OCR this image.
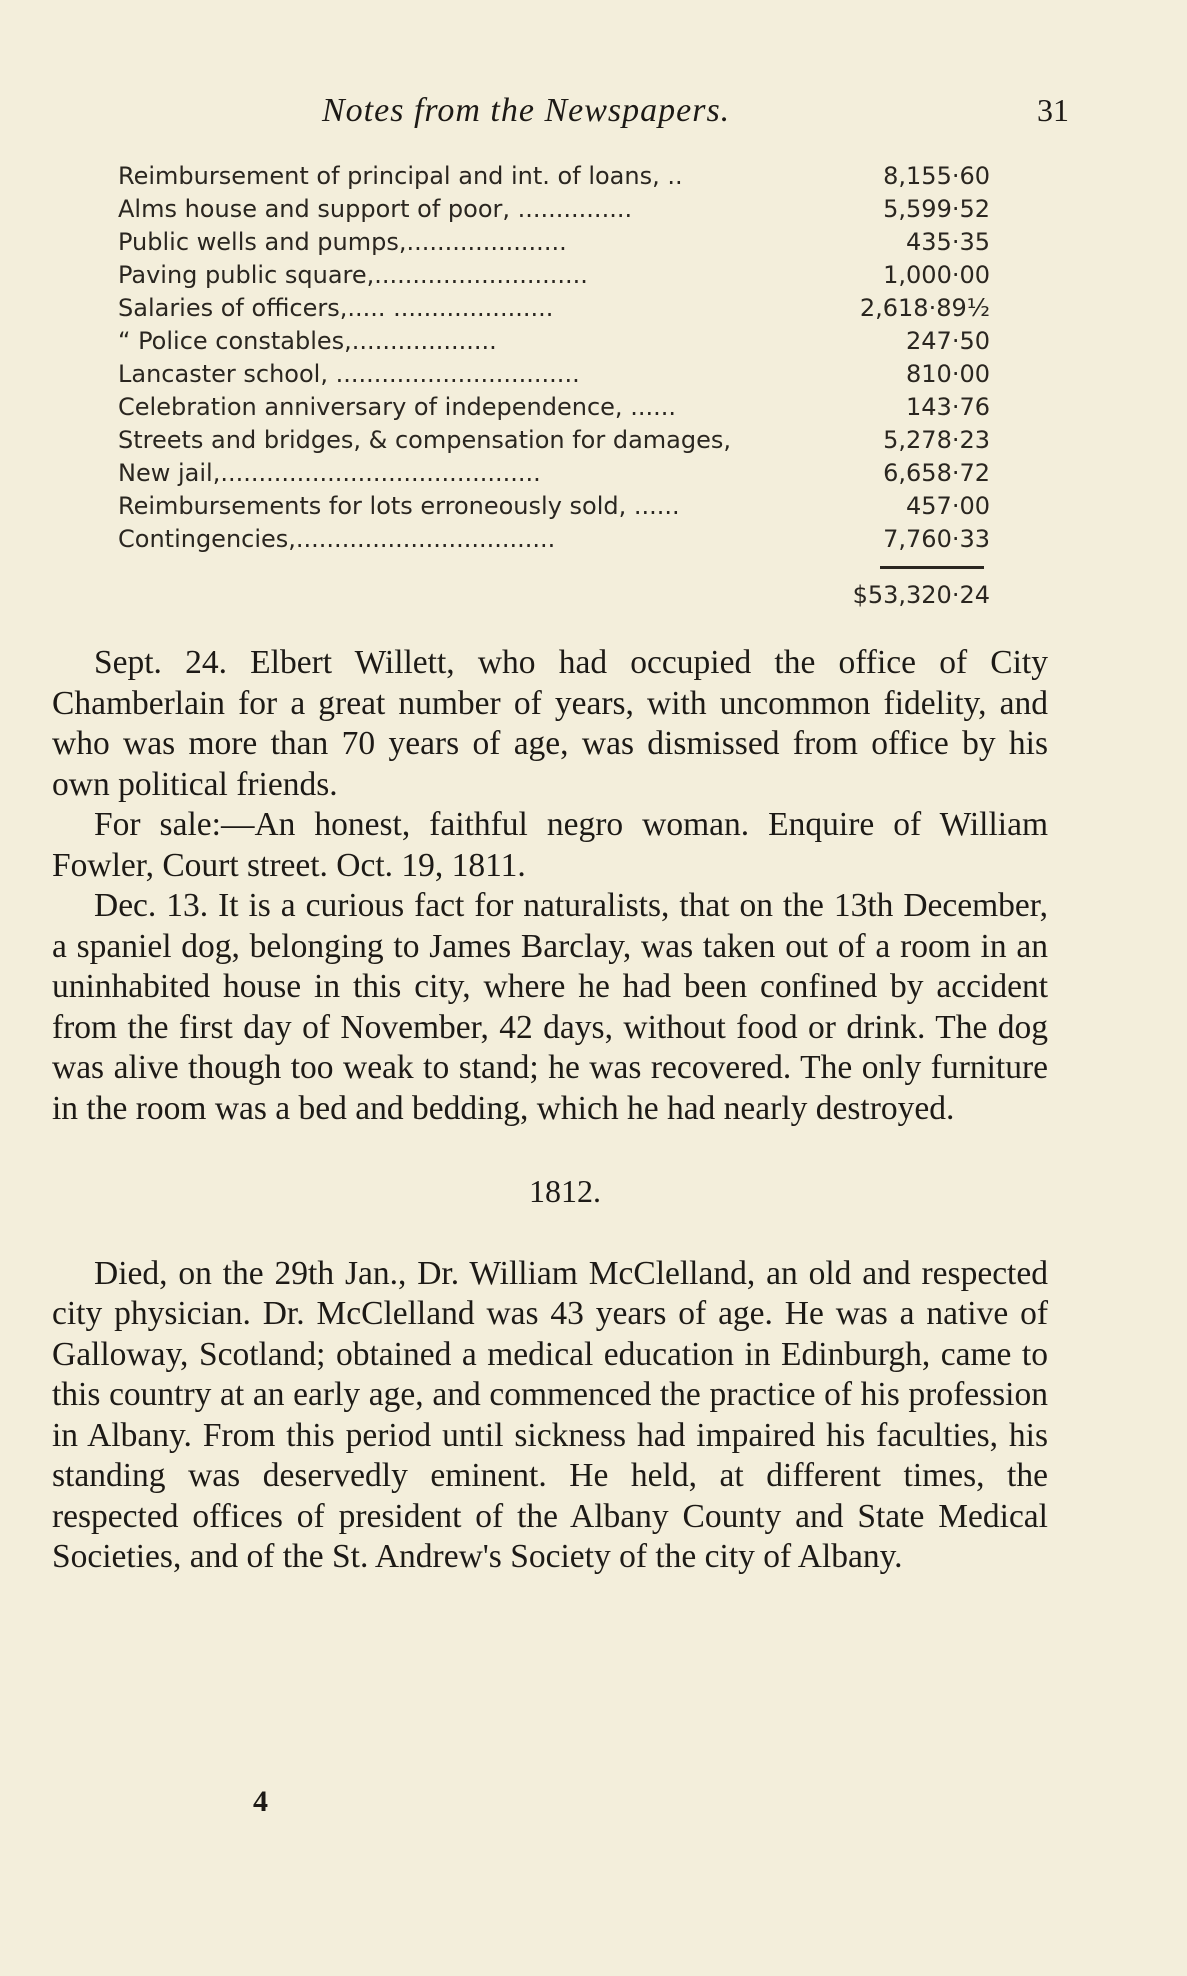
Notes from the Newspapers.	31
Reimbursement of principal and int. of loans, ..	8,155·60
Alms house and support of poor, ...............	5,599·52
Public wells and pumps,.....................	435·35
Paving public square,............................	1,000·00
Salaries of officers,..... .....................	2,618·89½
“ Police constables,...................	247·50
Lancaster school, ................................	810·00
Celebration anniversary of independence, ......	143·76
Streets and bridges, & compensation for damages,	5,278·23
New jail,..........................................	6,658·72
Reimbursements for lots erroneously sold, ......	457·00
Contingencies,..................................	7,760·33
$53,320·24

Sept. 24. Elbert Willett, who had occupied the office of City Chamberlain for a great number of years, with uncommon fidelity, and who was more than 70 years of age, was dismissed from office by his own political friends.

For sale:—An honest, faithful negro woman. Enquire of William Fowler, Court street. Oct. 19, 1811.

Dec. 13. It is a curious fact for naturalists, that on the 13th December, a spaniel dog, belonging to James Barclay, was taken out of a room in an uninhabited house in this city, where he had been confined by accident from the first day of November, 42 days, without food or drink. The dog was alive though too weak to stand; he was recovered. The only furniture in the room was a bed and bedding, which he had nearly destroyed.

1812.

Died, on the 29th Jan., Dr. William McClelland, an old and respected city physician. Dr. McClelland was 43 years of age. He was a native of Galloway, Scotland; obtained a medical education in Edinburgh, came to this country at an early age, and commenced the practice of his profession in Albany. From this period until sickness had impaired his faculties, his standing was deservedly eminent. He held, at different times, the respected offices of president of the Albany County and State Medical Societies, and of the St. Andrew's Society of the city of Albany.

4
